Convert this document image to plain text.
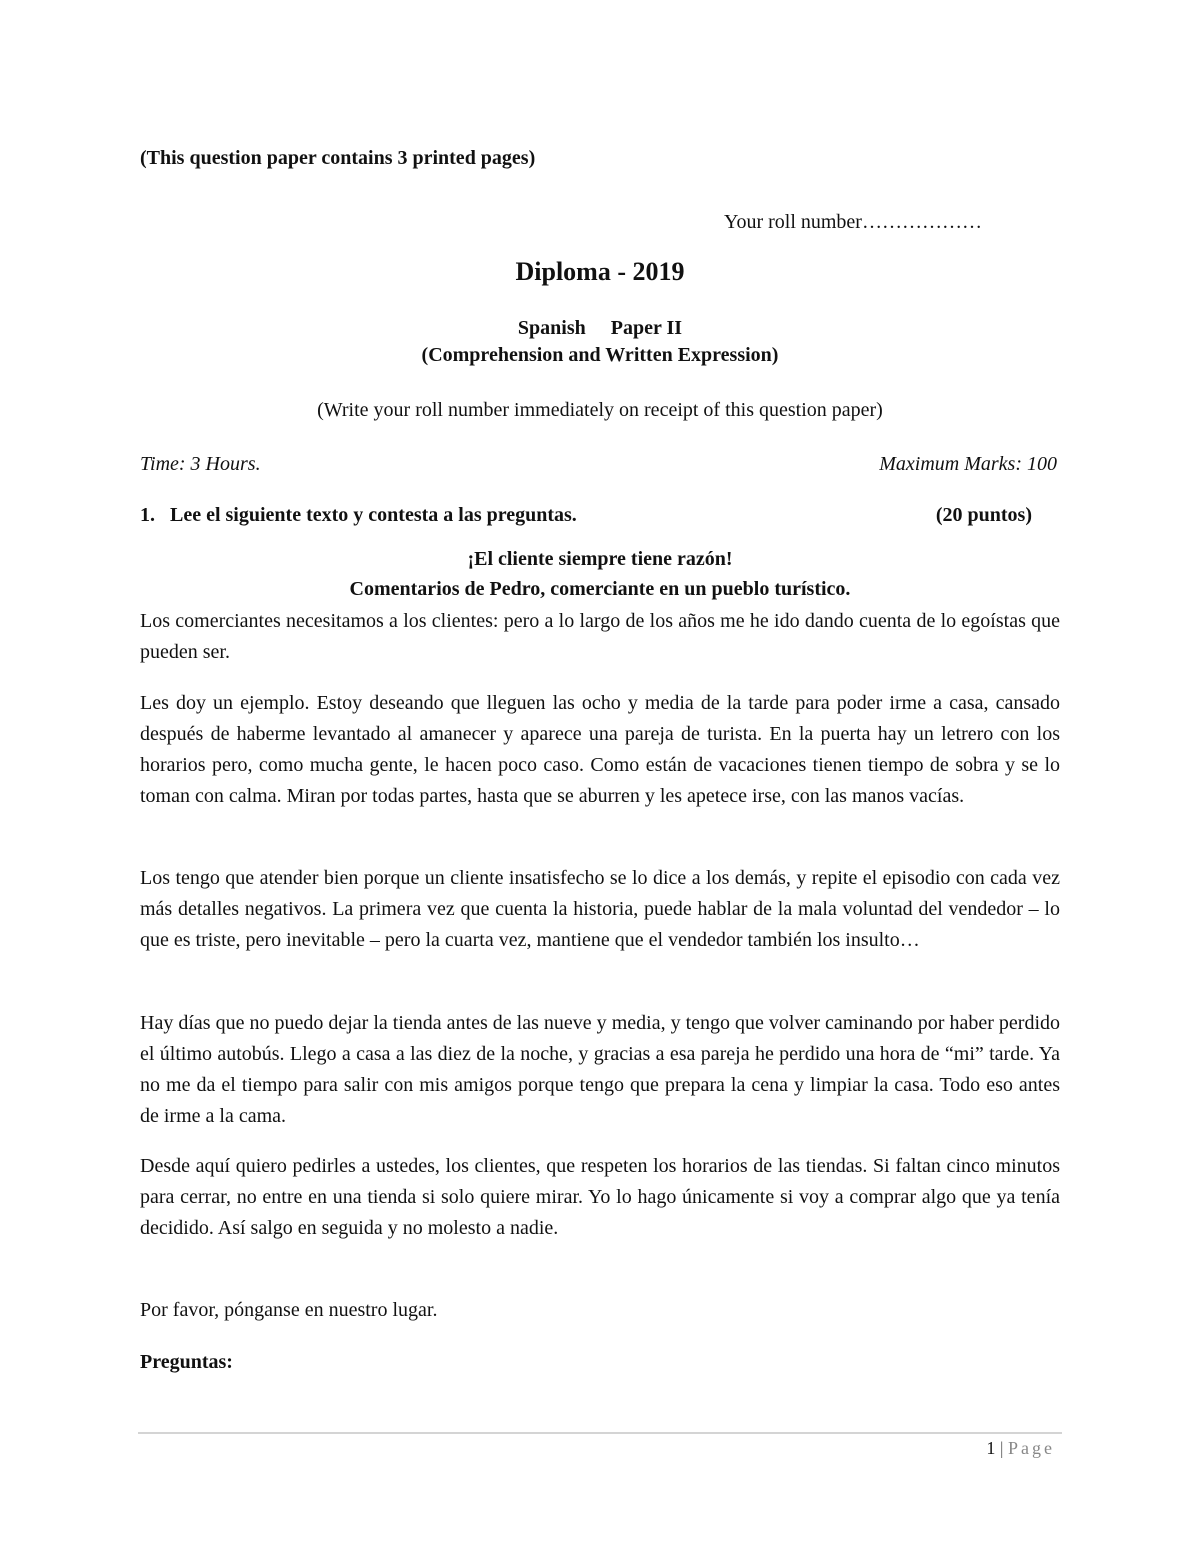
(This question paper contains 3 printed pages)
Your roll number………………
Diploma - 2019
Spanish     Paper II
(Comprehension and Written Expression)
(Write your roll number immediately on receipt of this question paper)
Time: 3 Hours.	Maximum Marks: 100
1. Lee el siguiente texto y contesta a las preguntas.	(20 puntos)
¡El cliente siempre tiene razón!
Comentarios de Pedro, comerciante en un pueblo turístico.
Los comerciantes necesitamos a los clientes: pero a lo largo de los años me he ido dando cuenta de lo egoístas que pueden ser.
Les doy un ejemplo. Estoy deseando que lleguen las ocho y media de la tarde para poder irme a casa, cansado después de haberme levantado al amanecer y aparece una pareja de turista. En la puerta hay un letrero con los horarios pero, como mucha gente, le hacen poco caso. Como están de vacaciones tienen tiempo de sobra y se lo toman con calma. Miran por todas partes, hasta que se aburren y les apetece irse, con las manos vacías.
Los tengo que atender bien porque un cliente insatisfecho se lo dice a los demás, y repite el episodio con cada vez más detalles negativos. La primera vez que cuenta la historia, puede hablar de la mala voluntad del vendedor – lo que es triste, pero inevitable – pero la cuarta vez, mantiene que el vendedor también los insulto…
Hay días que no puedo dejar la tienda antes de las nueve y media, y tengo que volver caminando por haber perdido el último autobús. Llego a casa a las diez de la noche, y gracias a esa pareja he perdido una hora de “mi” tarde. Ya no me da el tiempo para salir con mis amigos porque tengo que prepara la cena y limpiar la casa. Todo eso antes de irme a la cama.
Desde aquí quiero pedirles a ustedes, los clientes, que respeten los horarios de las tiendas. Si faltan cinco minutos para cerrar, no entre en una tienda si solo quiere mirar. Yo lo hago únicamente si voy a comprar algo que ya tenía decidido. Así salgo en seguida y no molesto a nadie.
Por favor, pónganse en nuestro lugar.
Preguntas:
1 | Page
